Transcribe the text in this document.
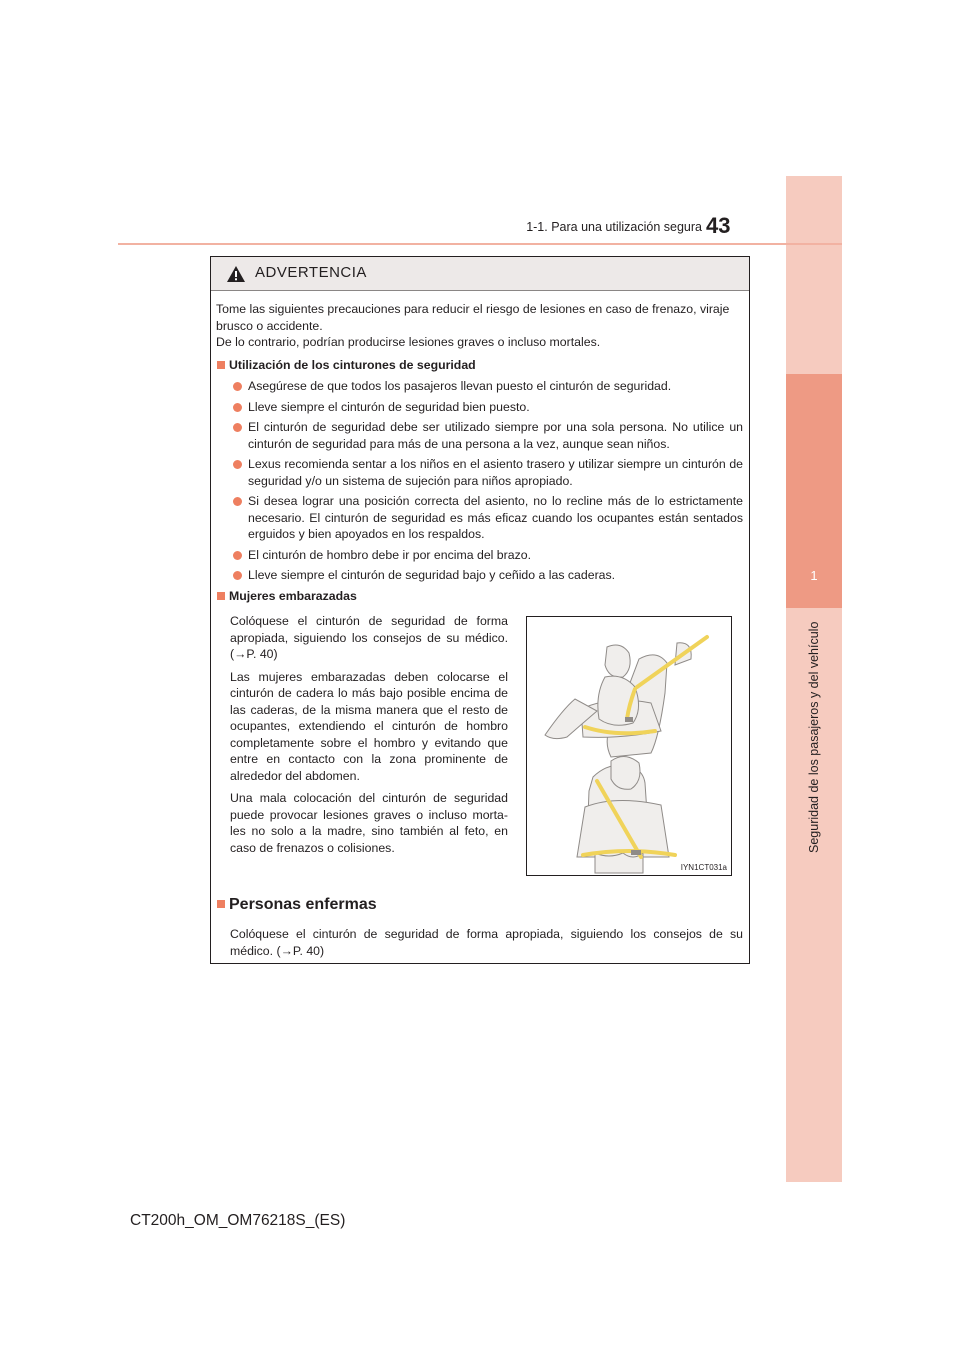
1
Seguridad de los pasajeros y del vehículo
1-1. Para una utilización segura 43
ADVERTENCIA

Tome las siguientes precauciones para reducir el riesgo de lesiones en caso de frenazo, viraje brusco o accidente.

De lo contrario, podrían producirse lesiones graves o incluso mortales.

Utilización de los cinturones de seguridad

Asegúrese de que todos los pasajeros llevan puesto el cinturón de seguridad.

Lleve siempre el cinturón de seguridad bien puesto.

El cinturón de seguridad debe ser utilizado siempre por una sola persona. No utilice un cinturón de seguridad para más de una persona a la vez, aunque sean niños.

Lexus recomienda sentar a los niños en el asiento trasero y utilizar siempre un cinturón de seguridad y/o un sistema de sujeción para niños apropiado.

Si desea lograr una posición correcta del asiento, no lo recline más de lo estrictamente necesario. El cinturón de seguridad es más eficaz cuando los ocupantes están sentados erguidos y bien apoyados en los respaldos.

El cinturón de hombro debe ir por encima del brazo.

Lleve siempre el cinturón de seguridad bajo y ceñido a las caderas.

Mujeres embarazadas

Colóquese el cinturón de seguridad de forma apropiada, siguiendo los consejos de su médico. (→P. 40)

Las mujeres embarazadas deben colocarse el cinturón de cadera lo más bajo posible encima de las caderas, de la misma manera que el resto de ocupantes, extendiendo el cinturón de hombro completamente sobre el hombro y evitando que entre en contacto con la zona prominente de alrededor del abdomen.

Una mala colocación del cinturón de seguridad puede provocar lesiones graves o incluso morta-les no solo a la madre, sino también al feto, en caso de frenazos o colisiones.

IYN1CT031a

Personas enfermas

Colóquese el cinturón de seguridad de forma apropiada, siguiendo los consejos de su médico. (→P. 40)

CT200h_OM_OM76218S_(ES)
